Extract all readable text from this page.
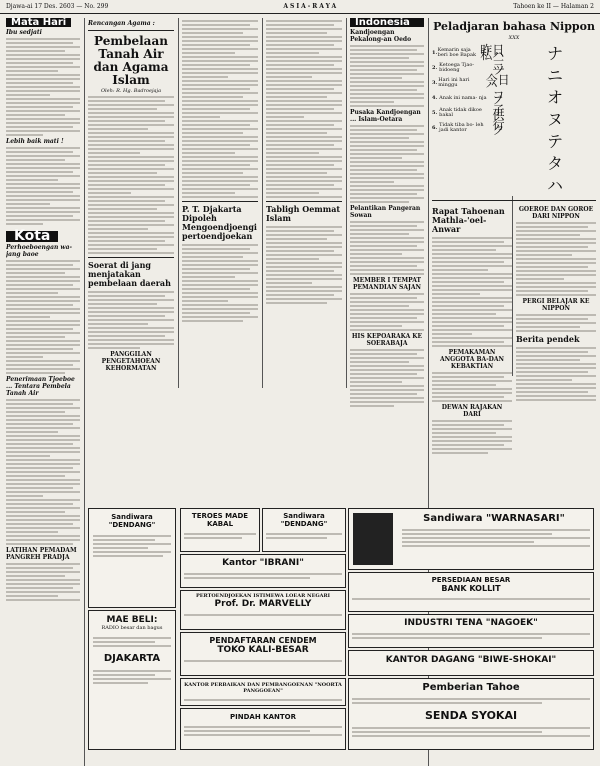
Djawa-ai 17 Des. 2603 — No. 299	ASIA-RAYA	Tahoen ke II — Halaman 2
Mata Hari
Ibu sedjati
Lebih baik mati !
Kota
Perhoeboengan wa- jang baoe
Penerimaan Tjoeboe ... Tentara Pembela Tanah Air
LATIHAN PEMADAM PANGREH PRADJA
Rencangan Agama :
Pembelaan Tanah Air dan Agama Islam
Oleh: R. Hg. Badroejaja
Soerat di jang menjatakan pembelaan daerah
PANGGILAN PENGETAHOEAN KEHORMATAN
P. T. Djakarta Dipoleh Mengoendjoengi pertoendjoekan
Tabligh Oemmat Islam
Indonesia
Kandjoengan Pekalong-an Oedo
Pusaka Kandjoengan ... Islam-Oetara
Pelantikan Pangeran Sowan
MEMBER I TEMPAT PEMANDIAN SAJAN
HIS KEPOARAKA KE SOERABAJA
Peladjaran bahasa Nippon
XXX
1. Kemarin saja beri boe Bapak 昨日私ハ
2. Ketoega Tjao- bidoeng	三ツ
3. Hari ini hari minggu	今日ハ
4. Anak ini nama- nja コノ
5. Anak tidak dikoe bakal	子供
6. Tidak tiba bo- leh jadi kantor	行ク
ナ
ニ
オ
ヌ
テ
タ
ハ
Rapat Tahoenan Mathla-'oel-Anwar
PEMAKAMAN ANGGOTA BA-DAN KEBAKTIAN
DEWAN RAJAKAN DARI
GOEROE DAN GOROE DARI NIPPON
PERGI BELAJAR KE NIPPON
Berita pendek
Sandiwara "DENDANG"
MAE BELI:
RADIO besar dan bagus
DJAKARTA
TEROES MADE KABAL
Sandiwara "DENDANG"
Kantor "IBRANI"
PERTOENDJOEKAN ISTIMEWA LOEAR NEGARI
Prof. Dr. MARVELLY
PENDAFTARAN CENDEM
TOKO KALI-BESAR
KANTOR PERBAIKAN DAN PEMBANGOENAN "NOORTA PANGGOEAN"
PINDAH KANTOR
Sandiwara "WARNASARI"
PERSEDIAAN BESAR
BANK KOLLIT
INDUSTRI TENA "NAGOEK"
KANTOR DAGANG "BIWE-SHOKAI"
Pemberian Tahoe
SENDA SYOKAI
